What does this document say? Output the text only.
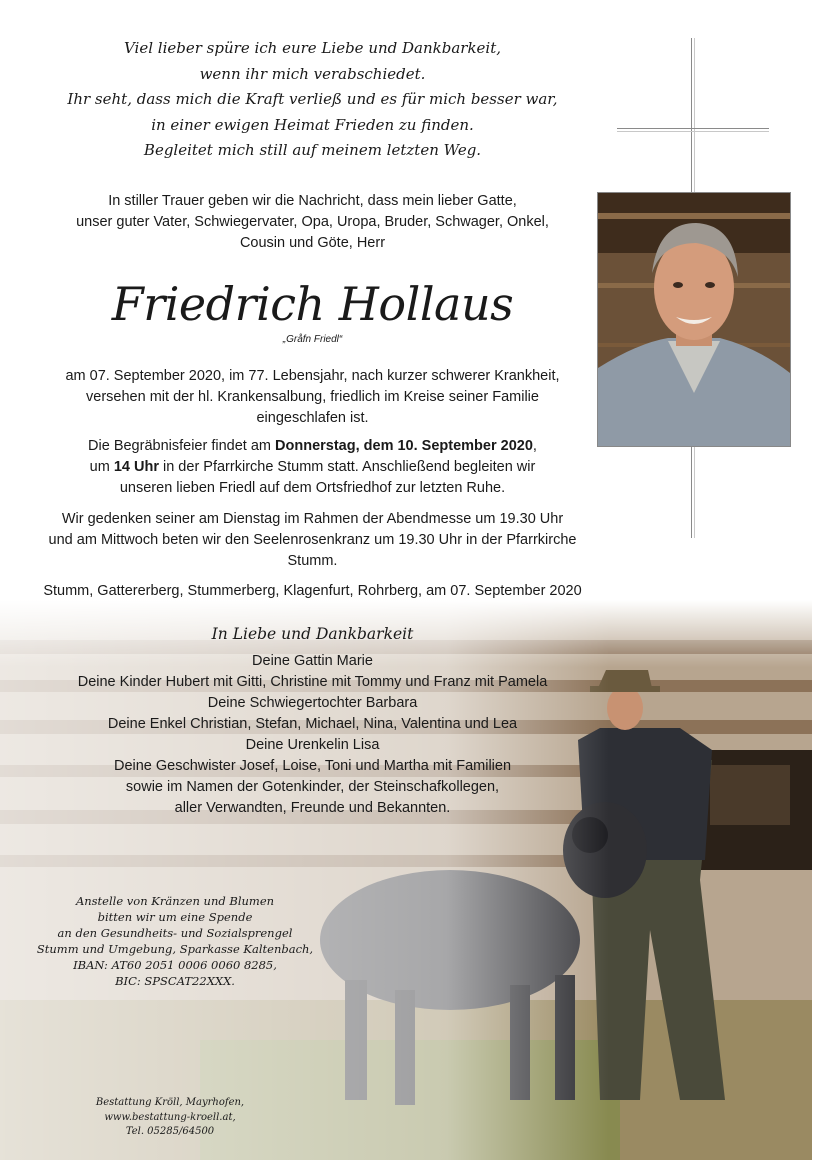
Viel lieber spüre ich eure Liebe und Dankbarkeit,
wenn ihr mich verabschiedet.
Ihr seht, dass mich die Kraft verließ und es für mich besser war,
in einer ewigen Heimat Frieden zu finden.
Begleitet mich still auf meinem letzten Weg.
In stiller Trauer geben wir die Nachricht, dass mein lieber Gatte,
unser guter Vater, Schwiegervater, Opa, Uropa, Bruder, Schwager, Onkel,
Cousin und Göte, Herr
Friedrich Hollaus
„Gråfn Friedl“
am 07. September 2020, im 77. Lebensjahr, nach kurzer schwerer Krankheit,
versehen mit der hl. Krankensalbung, friedlich im Kreise seiner Familie
eingeschlafen ist.
Die Begräbnisfeier findet am Donnerstag, dem 10. September 2020,
um 14 Uhr in der Pfarrkirche Stumm statt. Anschließend begleiten wir
unseren lieben Friedl auf dem Ortsfriedhof zur letzten Ruhe.
Wir gedenken seiner am Dienstag im Rahmen der Abendmesse um 19.30 Uhr
und am Mittwoch beten wir den Seelenrosenkranz um 19.30 Uhr in der Pfarrkirche
Stumm.
Stumm, Gattererberg, Stummerberg, Klagenfurt, Rohrberg, am 07. September 2020
In Liebe und Dankbarkeit
Deine Gattin Marie
Deine Kinder Hubert mit Gitti, Christine mit Tommy und Franz mit Pamela
Deine Schwiegertochter Barbara
Deine Enkel Christian, Stefan, Michael, Nina, Valentina und Lea
Deine Urenkelin Lisa
Deine Geschwister Josef, Loise, Toni und Martha mit Familien
sowie im Namen der Gotenkinder, der Steinschafkollegen,
aller Verwandten, Freunde und Bekannten.
Anstelle von Kränzen und Blumen
bitten wir um eine Spende
an den Gesundheits- und Sozialsprengel
Stumm und Umgebung, Sparkasse Kaltenbach,
IBAN: AT60 2051 0006 0060 8285,
BIC: SPSCAT22XXX.
Bestattung Kröll, Mayrhofen,
www.bestattung-kroell.at,
Tel. 05285/64500
